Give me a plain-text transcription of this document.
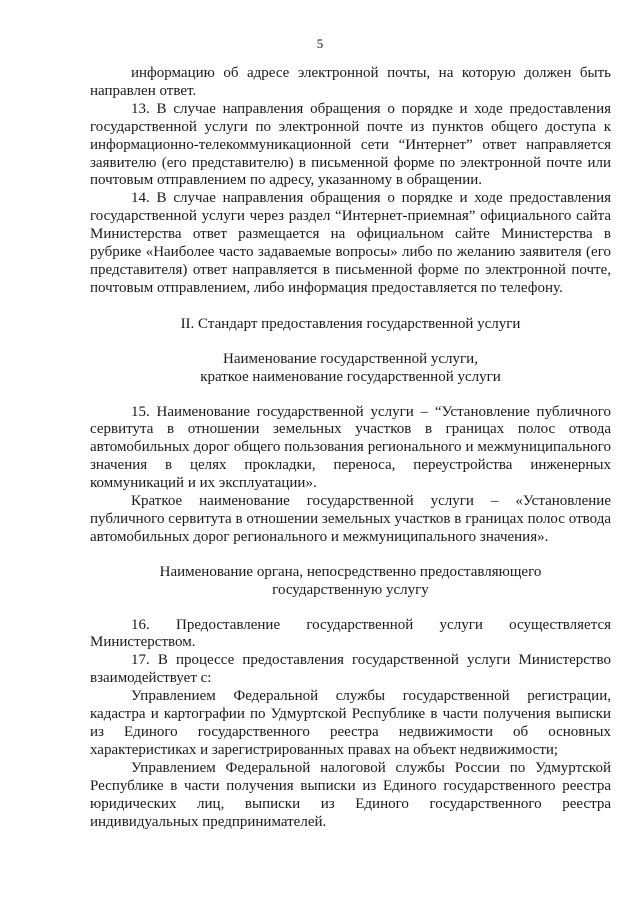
5

информацию об адресе электронной почты, на которую должен быть направлен ответ.

13. В случае направления обращения о порядке и ходе предоставления государственной услуги по электронной почте из пунктов общего доступа к информационно-телекоммуникационной сети “Интернет” ответ направляется заявителю (его представителю) в письменной форме по электронной почте или почтовым отправлением по адресу, указанному в обращении.

14. В случае направления обращения о порядке и ходе предоставления государственной услуги через раздел “Интернет-приемная” официального сайта Министерства ответ размещается на официальном сайте Министерства в рубрике «Наиболее часто задаваемые вопросы» либо по желанию заявителя (его представителя) ответ направляется в письменной форме по электронной почте, почтовым отправлением, либо информация предоставляется по телефону.

II. Стандарт предоставления государственной услуги

Наименование государственной услуги,

краткое наименование государственной услуги

15. Наименование государственной услуги – “Установление публичного сервитута в отношении земельных участков в границах полос отвода автомобильных дорог общего пользования регионального и межмуниципального значения в целях прокладки, переноса, переустройства инженерных коммуникаций и их эксплуатации».

Краткое наименование государственной услуги – «Установление публичного сервитута в отношении земельных участков в границах полос отвода автомобильных дорог регионального и межмуниципального значения».

Наименование органа, непосредственно предоставляющего

государственную услугу

16. Предоставление государственной услуги осуществляется Министерством.

17. В процессе предоставления государственной услуги Министерство взаимодействует с:

Управлением Федеральной службы государственной регистрации, кадастра и картографии по Удмуртской Республике в части получения выписки из Единого государственного реестра недвижимости об основных характеристиках и зарегистрированных правах на объект недвижимости;

Управлением Федеральной налоговой службы России по Удмуртской Республике в части получения выписки из Единого государственного реестра юридических лиц, выписки из Единого государственного реестра индивидуальных предпринимателей.
